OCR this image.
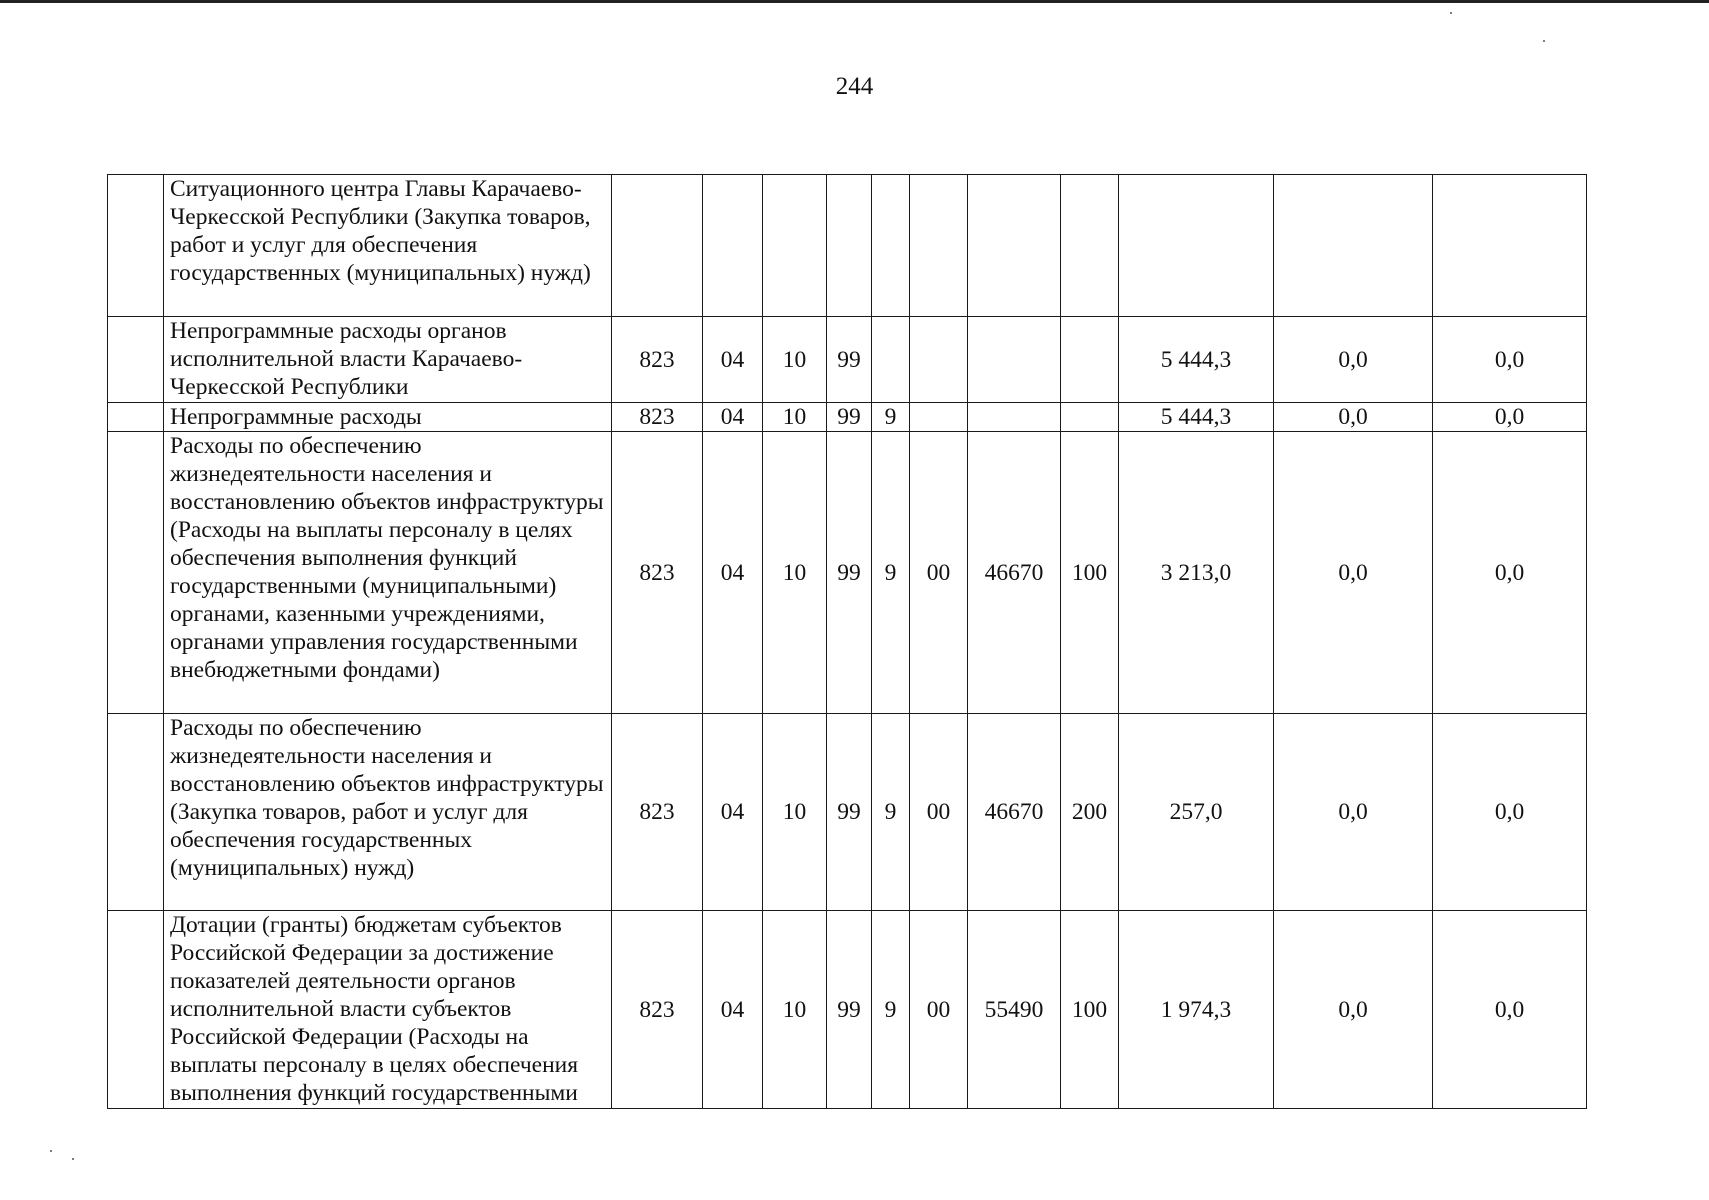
244
	Ситуационного центра Главы Карачаево-Черкесской Республики (Закупка товаров, работ и услуг для обеспечения государственных (муниципальных) нужд)											
	Непрограммные расходы органов исполнительной власти Карачаево-Черкесской Республики	823	04	10	99					5 444,3	0,0	0,0
	Непрограммные расходы	823	04	10	99	9				5 444,3	0,0	0,0
	Расходы по обеспечению жизнедеятельности населения и восстановлению объектов инфраструктуры (Расходы на выплаты персоналу в целях обеспечения выполнения функций государственными (муниципальными) органами, казенными учреждениями, органами управления государственными внебюджетными фондами)	823	04	10	99	9	00	46670	100	3 213,0	0,0	0,0
	Расходы по обеспечению жизнедеятельности населения и восстановлению объектов инфраструктуры (Закупка товаров, работ и услуг для обеспечения государственных (муниципальных) нужд)	823	04	10	99	9	00	46670	200	257,0	0,0	0,0
	Дотации (гранты) бюджетам субъектов Российской Федерации за достижение показателей деятельности органов исполнительной власти субъектов Российской Федерации (Расходы на выплаты персоналу в целях обеспечения выполнения функций государственными	823	04	10	99	9	00	55490	100	1 974,3	0,0	0,0
